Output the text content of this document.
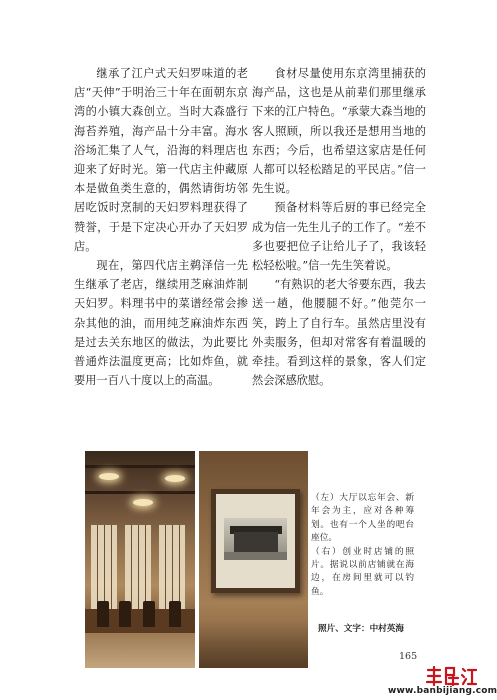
继承了江户式天妇罗味道的老店“天伸”于明治三十年在面朝东京湾的小镇大森创立。当时大森盛行海苔养殖，海产品十分丰富。海水浴场汇集了人气，沿海的料理店也迎来了好时光。第一代店主仲藏原本是做鱼类生意的，偶然请街坊邻居吃饭时烹制的天妇罗料理获得了赞誉，于是下定决心开办了天妇罗店。

现在，第四代店主鹈泽信一先生继承了老店，继续用芝麻油炸制天妇罗。料理书中的菜谱经常会掺杂其他的油，而用纯芝麻油炸东西是过去关东地区的做法，为此要比普通炸法温度更高；比如炸鱼，就要用一百八十度以上的高温。

食材尽量使用东京湾里捕获的海产品，这也是从前辈们那里继承下来的江户特色。“承蒙大森当地的客人照顾，所以我还是想用当地的东西；今后，也希望这家店是任何人都可以轻松踏足的平民店。”信一先生说。

预备材料等后厨的事已经完全成为信一先生儿子的工作了。“差不多也要把位子让给儿子了，我该轻松轻松啦。”信一先生笑着说。

“有熟识的老大爷要东西，我去送一趟，他腰腿不好。”他莞尔一笑，跨上了自行车。虽然店里没有外卖服务，但却对常客有着温暖的牵挂。看到这样的景象，客人们定然会深感欣慰。

（左）大厅以忘年会、新年会为主，应对各种筹划。也有一个人坐的吧台座位。

（右）创业时店铺的照片。据说以前店铺就在海边，在房间里就可以钓鱼。

照片、文字：中村英海
165
www.banbijiang.com
